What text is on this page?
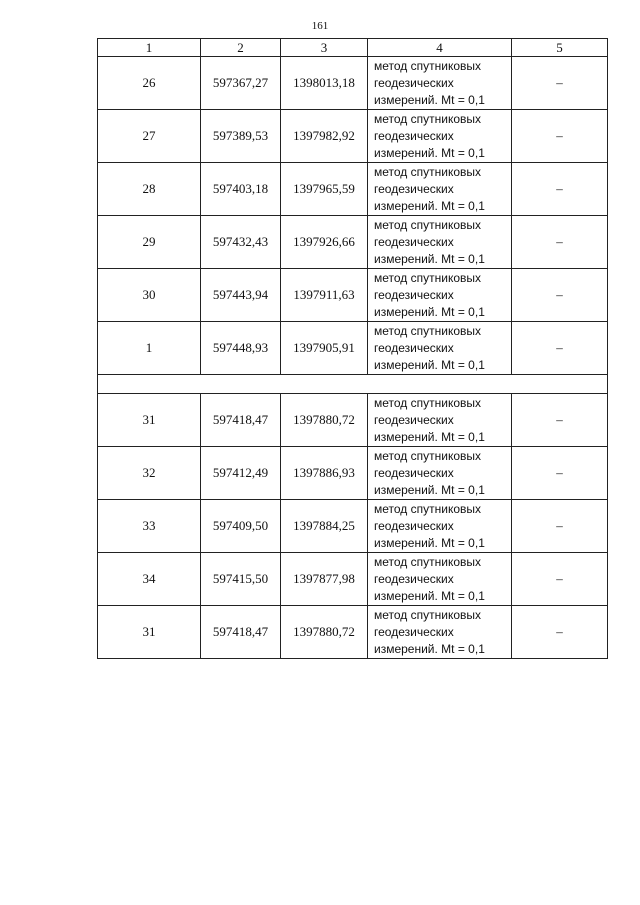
161
1	2	3	4	5
26	597367,27	1398013,18	метод спутниковых
геодезических
измерений. Mt = 0,1	–
27	597389,53	1397982,92	метод спутниковых
геодезических
измерений. Mt = 0,1	–
28	597403,18	1397965,59	метод спутниковых
геодезических
измерений. Mt = 0,1	–
29	597432,43	1397926,66	метод спутниковых
геодезических
измерений. Mt = 0,1	–
30	597443,94	1397911,63	метод спутниковых
геодезических
измерений. Mt = 0,1	–
1	597448,93	1397905,91	метод спутниковых
геодезических
измерений. Mt = 0,1	–

31	597418,47	1397880,72	метод спутниковых
геодезических
измерений. Mt = 0,1	–
32	597412,49	1397886,93	метод спутниковых
геодезических
измерений. Mt = 0,1	–
33	597409,50	1397884,25	метод спутниковых
геодезических
измерений. Mt = 0,1	–
34	597415,50	1397877,98	метод спутниковых
геодезических
измерений. Mt = 0,1	–
31	597418,47	1397880,72	метод спутниковых
геодезических
измерений. Mt = 0,1	–
